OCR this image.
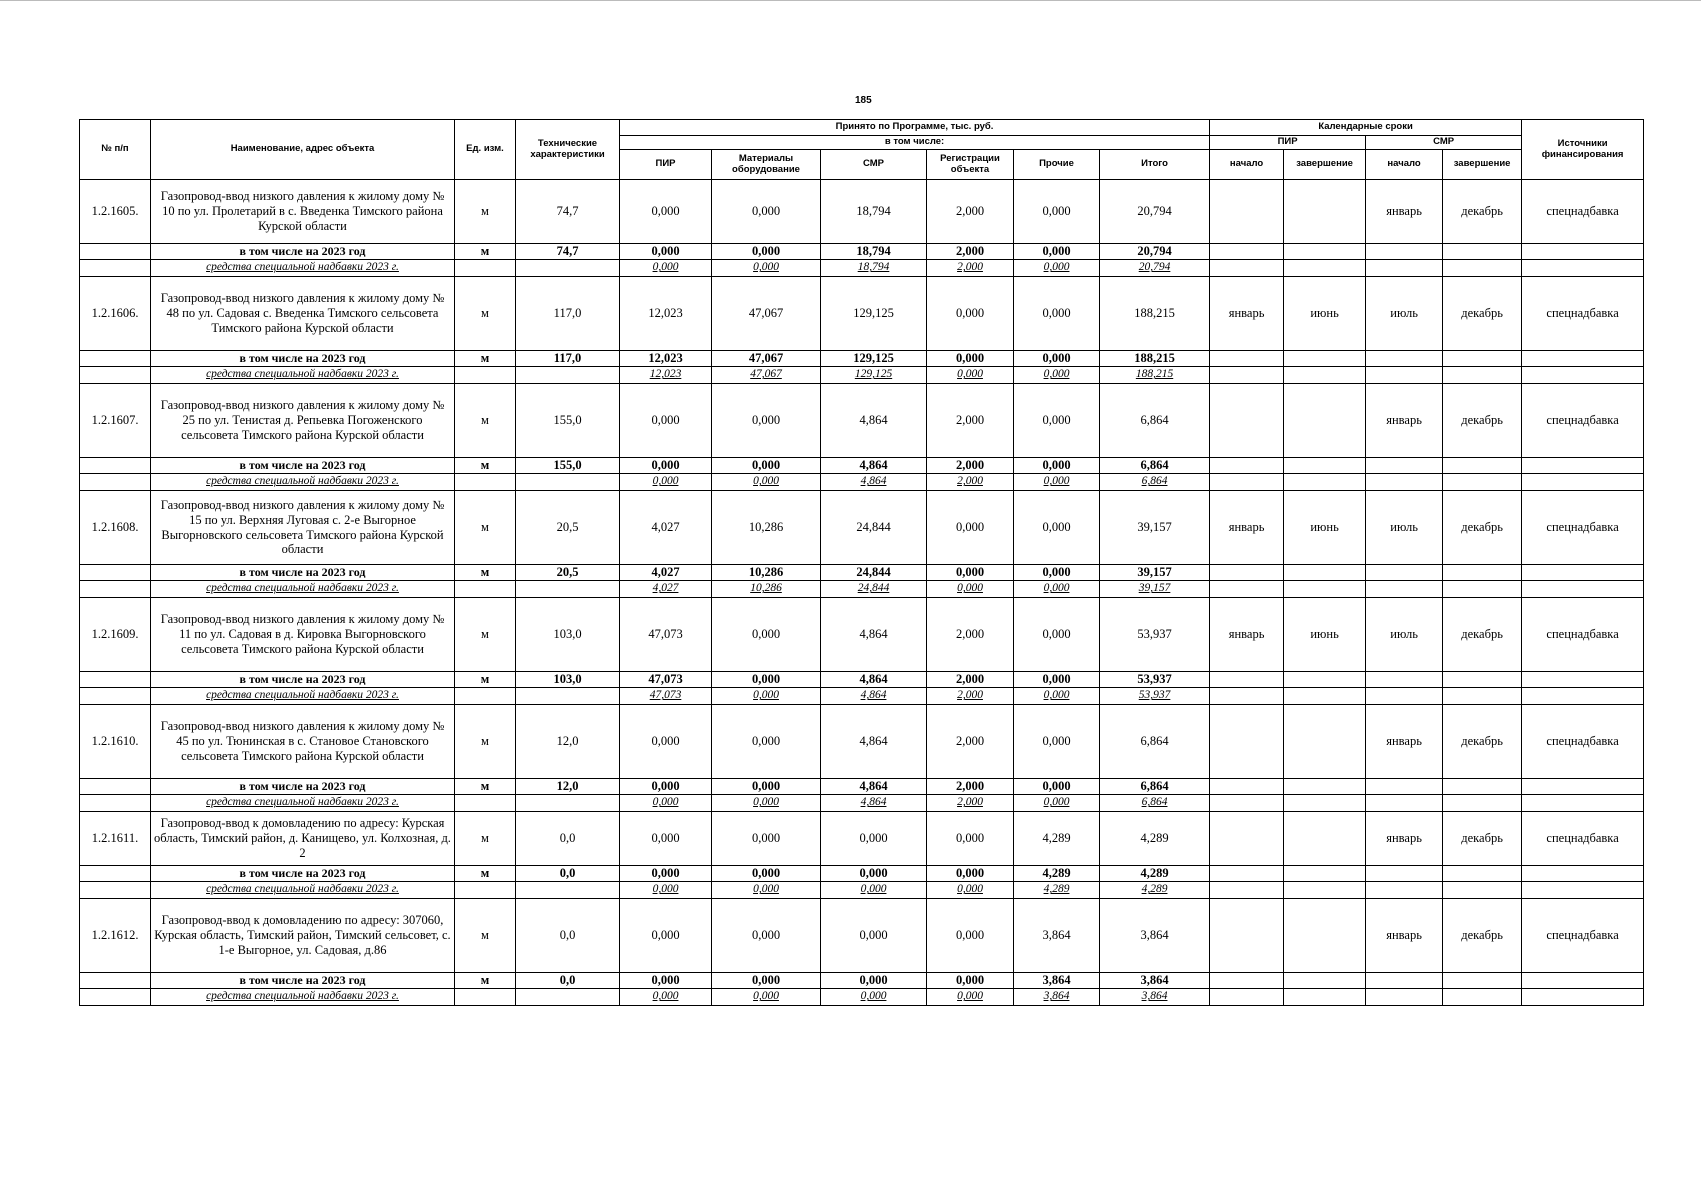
185
№ п/п	Наименование, адрес объекта	Ед. изм.	Технические характеристики	Принято по Программе, тыс. руб.						Календарные сроки				Источники финансирования
				в том числе:						ПИР		СМР		
				ПИР	Материалы оборудование	СМР	Регистрации объекта	Прочие	Итого	начало	завершение	начало	завершение	
1.2.1605.	Газопровод-ввод низкого давления к жилому дому № 10 по ул. Пролетарий в с. Введенка Тимского района Курской области	м	74,7	0,000	0,000	18,794	2,000	0,000	20,794			январь	декабрь	спецнадбавка
	в том числе на 2023 год	м	74,7	0,000	0,000	18,794	2,000	0,000	20,794					
	средства специальной надбавки 2023 г.			0,000	0,000	18,794	2,000	0,000	20,794					
1.2.1606.	Газопровод-ввод низкого давления к жилому дому № 48 по ул. Садовая с. Введенка Тимского сельсовета Тимского района Курской области	м	117,0	12,023	47,067	129,125	0,000	0,000	188,215	январь	июнь	июль	декабрь	спецнадбавка
	в том числе на 2023 год	м	117,0	12,023	47,067	129,125	0,000	0,000	188,215					
	средства специальной надбавки 2023 г.			12,023	47,067	129,125	0,000	0,000	188,215					
1.2.1607.	Газопровод-ввод низкого давления к жилому дому № 25 по ул. Тенистая д. Репьевка Погоженского сельсовета Тимского района Курской области	м	155,0	0,000	0,000	4,864	2,000	0,000	6,864			январь	декабрь	спецнадбавка
	в том числе на 2023 год	м	155,0	0,000	0,000	4,864	2,000	0,000	6,864					
	средства специальной надбавки 2023 г.			0,000	0,000	4,864	2,000	0,000	6,864					
1.2.1608.	Газопровод-ввод низкого давления к жилому дому № 15 по ул. Верхняя Луговая с. 2-е Выгорное Выгорновского сельсовета Тимского района Курской области	м	20,5	4,027	10,286	24,844	0,000	0,000	39,157	январь	июнь	июль	декабрь	спецнадбавка
	в том числе на 2023 год	м	20,5	4,027	10,286	24,844	0,000	0,000	39,157					
	средства специальной надбавки 2023 г.			4,027	10,286	24,844	0,000	0,000	39,157					
1.2.1609.	Газопровод-ввод низкого давления к жилому дому № 11 по ул. Садовая в д. Кировка Выгорновского сельсовета Тимского района Курской области	м	103,0	47,073	0,000	4,864	2,000	0,000	53,937	январь	июнь	июль	декабрь	спецнадбавка
	в том числе на 2023 год	м	103,0	47,073	0,000	4,864	2,000	0,000	53,937					
	средства специальной надбавки 2023 г.			47,073	0,000	4,864	2,000	0,000	53,937					
1.2.1610.	Газопровод-ввод низкого давления к жилому дому № 45 по ул. Тюнинская в с. Становое Становского сельсовета Тимского района Курской области	м	12,0	0,000	0,000	4,864	2,000	0,000	6,864			январь	декабрь	спецнадбавка
	в том числе на 2023 год	м	12,0	0,000	0,000	4,864	2,000	0,000	6,864					
	средства специальной надбавки 2023 г.			0,000	0,000	4,864	2,000	0,000	6,864					
1.2.1611.	Газопровод-ввод к домовладению по адресу: Курская область, Тимский район, д. Канищево, ул. Колхозная, д. 2	м	0,0	0,000	0,000	0,000	0,000	4,289	4,289			январь	декабрь	спецнадбавка
	в том числе на 2023 год	м	0,0	0,000	0,000	0,000	0,000	4,289	4,289					
	средства специальной надбавки 2023 г.			0,000	0,000	0,000	0,000	4,289	4,289					
1.2.1612.	Газопровод-ввод к домовладению по адресу: 307060, Курская область, Тимский район, Тимский сельсовет, с. 1-е Выгорное, ул. Садовая, д.86	м	0,0	0,000	0,000	0,000	0,000	3,864	3,864			январь	декабрь	спецнадбавка
	в том числе на 2023 год	м	0,0	0,000	0,000	0,000	0,000	3,864	3,864					
	средства специальной надбавки 2023 г.			0,000	0,000	0,000	0,000	3,864	3,864					
